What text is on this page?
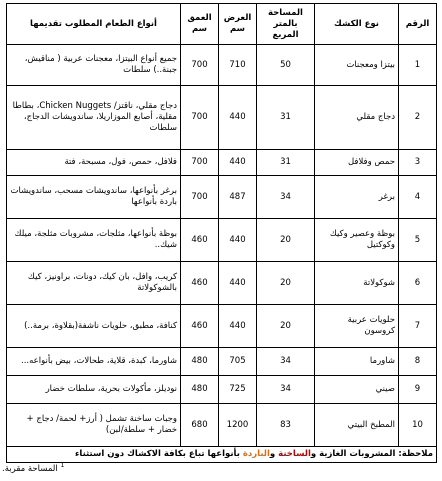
الرقم	نوع الكشك	المساحة بالمتر المربع	العرض سم	العمق سم	أنواع الطعام المطلوب تقديمها
1	بيتزا ومعجنات	50	710	700	جميع أنواع البيتزا، معجنات عربية ( مناقيش، جبنة..) سلطات
2	دجاج مقلي	31	440	700	دجاج مقلي، ناقتز/ Chicken Nuggets، بطاطا مقلية، أصابع الموزاريلا، ساندويشات الدجاج، سلطات
3	حمص وفلافل	31	440	700	فلافل، حمص، فول، مسبحة، فتة
4	برغر	34	487	700	برغر بأنواعها، ساندويشات مسحب، ساندويشات باردة بأنواعها
5	بوظة وعصير وكيك وكوكتيل	20	440	460	بوظة بأنواعها، مثلجات، مشروبات مثلجة، ميلك شيك..
6	شوكولاتة	20	440	460	كريب، وافل، بان كيك، دونات، براونيز، كيك بالشوكولاتة
7	حلويات عربية كروسون	20	440	460	كنافة، مطبق، حلويات ناشفة(بقلاوة، برمة..)
8	شاورما	34	705	480	شاورما، كبدة، قلاية، طحالات، بيض بأنواعه...
9	صيني	34	725	480	نوديلز، مأكولات بحرية، سلطات خضار
10	المطبخ البيتي	83	1200	680	وجبات ساخنة تشمل ( أرز+ لحمة/ دجاج + خضار + سلطة/لبن)
ملاحظة: المشروبات الغازية والساخنة والباردة بأنواعها تباع بكافة الاكشاك دون استثناء					
$^1$ المساحة مقربة.
